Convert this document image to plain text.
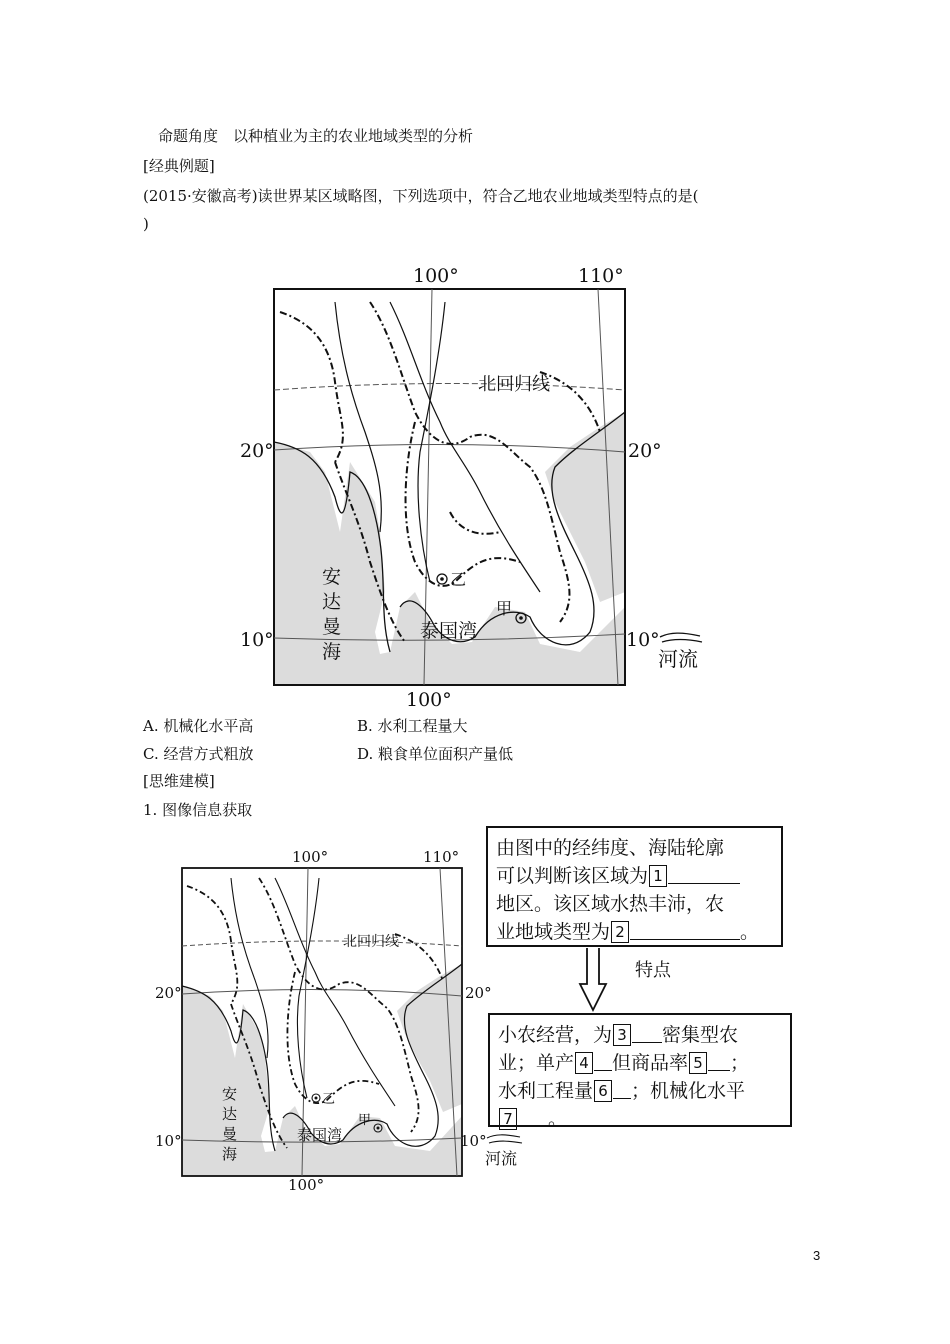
命题角度　以种植业为主的农业地域类型的分析
[经典例题]
(2015·安徽高考)读世界某区域略图，下列选项中，符合乙地农业地域类型特点的是(
)
100°	110°
20°	20°
10°	10°
100°
北回归线
安
达
曼
海
泰国湾
乙
甲
河流
A. 机械化水平高	B. 水利工程量大
C. 经营方式粗放	D. 粮食单位面积产量低
[思维建模]
1. 图像信息获取
100°	110°
20°	20°
10°	10°
100°
北回归线
安
达
曼
海
泰国湾
乙
甲
河流
由图中的经纬度、海陆轮廓
可以判断该区域为 1
地区。该区域水热丰沛，农
业地域类型为 2	。
特点
小农经营，为 3 密集型农
业；单产 4 但商品率 5 ；
水利工程量 6 ；机械化水平
7 。
3
